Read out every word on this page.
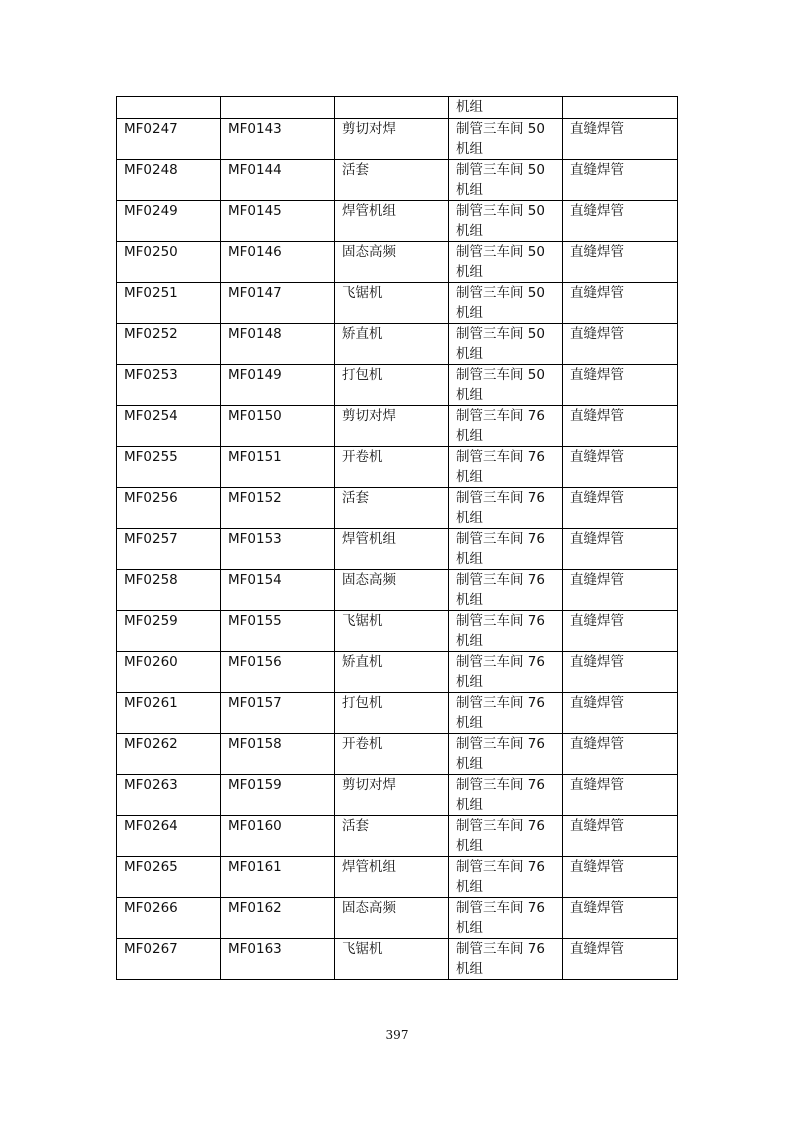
			机组	
MF0247	MF0143	剪切对焊	制管三车间 50
机组	直缝焊管
MF0248	MF0144	活套	制管三车间 50
机组	直缝焊管
MF0249	MF0145	焊管机组	制管三车间 50
机组	直缝焊管
MF0250	MF0146	固态高频	制管三车间 50
机组	直缝焊管
MF0251	MF0147	飞锯机	制管三车间 50
机组	直缝焊管
MF0252	MF0148	矫直机	制管三车间 50
机组	直缝焊管
MF0253	MF0149	打包机	制管三车间 50
机组	直缝焊管
MF0254	MF0150	剪切对焊	制管三车间 76
机组	直缝焊管
MF0255	MF0151	开卷机	制管三车间 76
机组	直缝焊管
MF0256	MF0152	活套	制管三车间 76
机组	直缝焊管
MF0257	MF0153	焊管机组	制管三车间 76
机组	直缝焊管
MF0258	MF0154	固态高频	制管三车间 76
机组	直缝焊管
MF0259	MF0155	飞锯机	制管三车间 76
机组	直缝焊管
MF0260	MF0156	矫直机	制管三车间 76
机组	直缝焊管
MF0261	MF0157	打包机	制管三车间 76
机组	直缝焊管
MF0262	MF0158	开卷机	制管三车间 76
机组	直缝焊管
MF0263	MF0159	剪切对焊	制管三车间 76
机组	直缝焊管
MF0264	MF0160	活套	制管三车间 76
机组	直缝焊管
MF0265	MF0161	焊管机组	制管三车间 76
机组	直缝焊管
MF0266	MF0162	固态高频	制管三车间 76
机组	直缝焊管
MF0267	MF0163	飞锯机	制管三车间 76
机组	直缝焊管
397
